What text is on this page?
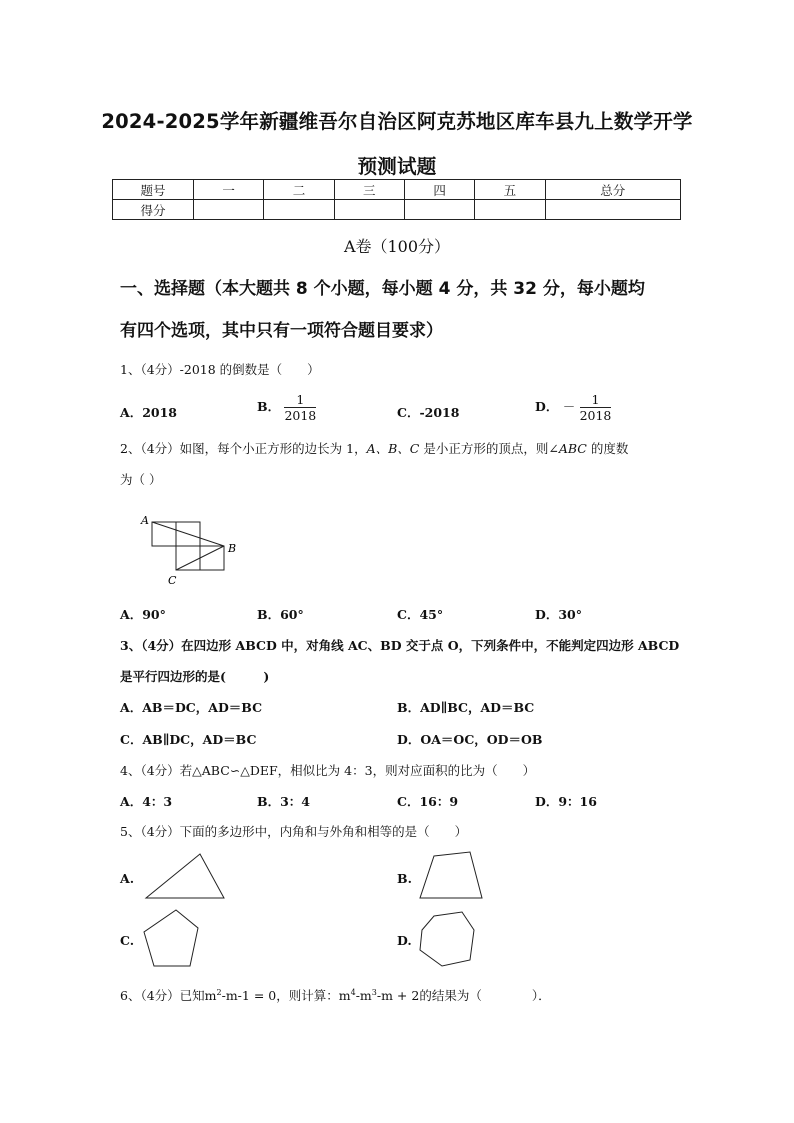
2024-2025学年新疆维吾尔自治区阿克苏地区库车县九上数学开学
预测试题
题号	一	二	三	四	五	总分
得分						
A卷（100分）
一、选择题（本大题共 8 个小题，每小题 4 分，共 32 分，每小题均
有四个选项，其中只有一项符合题目要求）
1、（4分）-2018 的倒数是（　　）
A．2018	B． $\frac{1}{2018}$	C．-2018	D． － $\frac{1}{2018}$
2、（4分）如图，每个小正方形的边长为 1，A、B、C 是小正方形的顶点，则∠ABC 的度数
为（ ）
A
B
C
A．90°	B．60°	C．45°	D．30°
3、（4分）在四边形 ABCD 中，对角线 AC、BD 交于点 O，下列条件中，不能判定四边形 ABCD
是平行四边形的是(　　　)
A．AB＝DC，AD＝BC	B．AD∥BC，AD＝BC
C．AB∥DC，AD＝BC	D．OA＝OC，OD＝OB
4、（4分）若△ABC∽△DEF，相似比为 4：3，则对应面积的比为（　　）
A．4：3	B．3：4	C．16：9	D．9：16
5、（4分）下面的多边形中，内角和与外角和相等的是（　　）
A.	B.
C.	D.
6、（4分）已知$m^2-m-1 = 0$，则计算：$m^4-m^3-m + 2$的结果为（　　　　）．
